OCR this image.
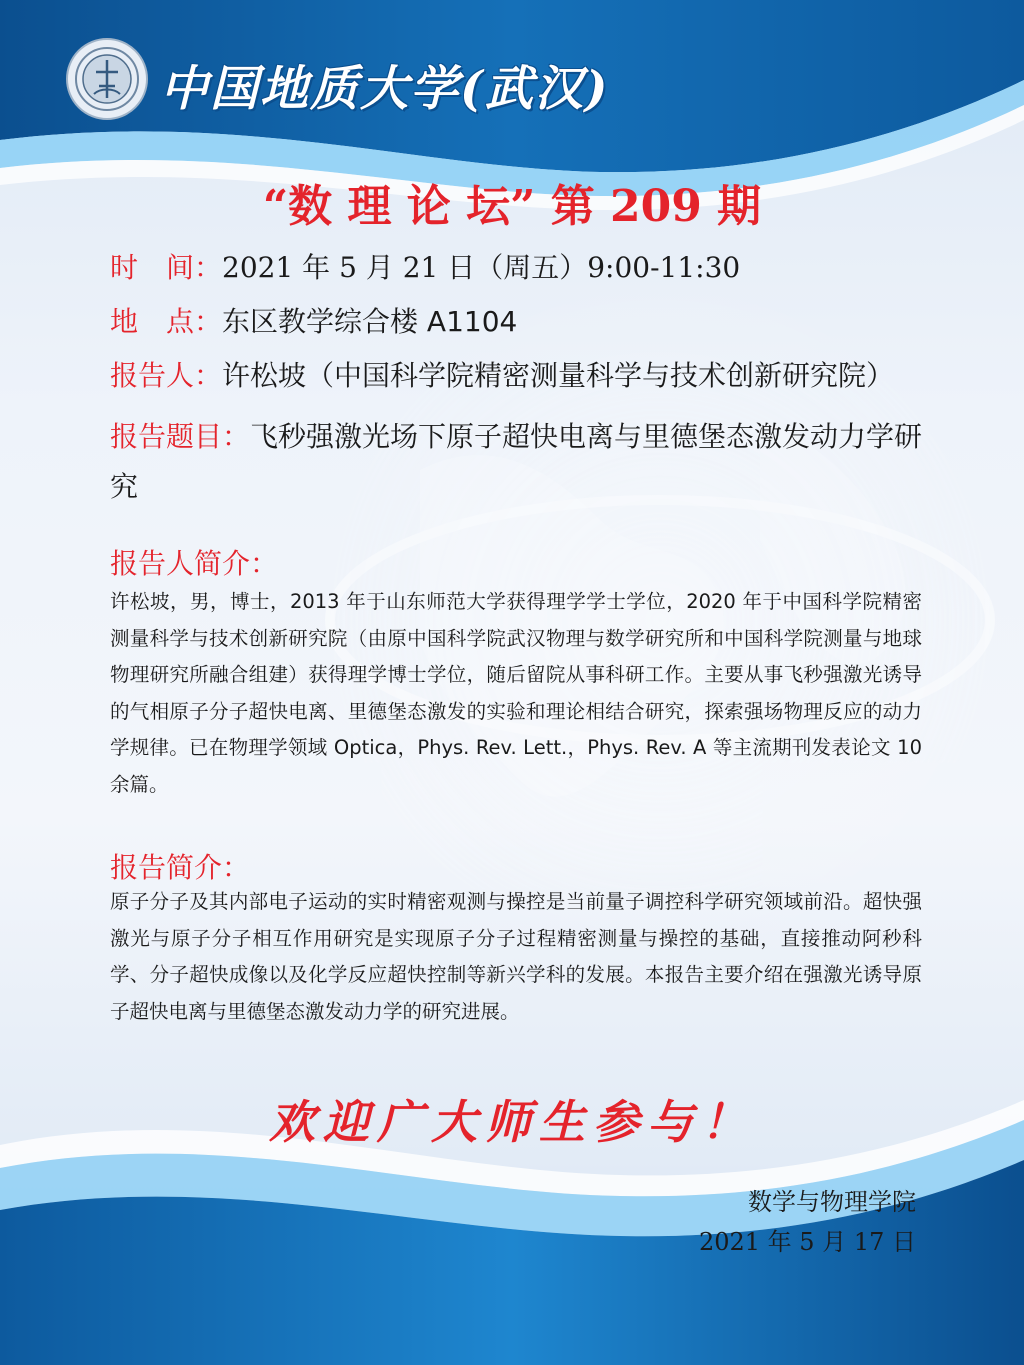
中国地质大学(武汉)
“数 理 论 坛” 第 209 期
时　间：2021 年 5 月 21 日（周五）9:00-11:30
地　点：东区教学综合楼 A1104
报告人：许松坡（中国科学院精密测量科学与技术创新研究院）
报告题目：飞秒强激光场下原子超快电离与里德堡态激发动力学研究
报告人简介：
许松坡，男，博士，2013 年于山东师范大学获得理学学士学位，2020 年于中国科学院精密测量科学与技术创新研究院（由原中国科学院武汉物理与数学研究所和中国科学院测量与地球物理研究所融合组建）获得理学博士学位，随后留院从事科研工作。主要从事飞秒强激光诱导的气相原子分子超快电离、里德堡态激发的实验和理论相结合研究，探索强场物理反应的动力学规律。已在物理学领域 Optica，Phys. Rev. Lett.，Phys. Rev. A 等主流期刊发表论文 10 余篇。
报告简介：
原子分子及其内部电子运动的实时精密观测与操控是当前量子调控科学研究领域前沿。超快强激光与原子分子相互作用研究是实现原子分子过程精密测量与操控的基础，直接推动阿秒科学、分子超快成像以及化学反应超快控制等新兴学科的发展。本报告主要介绍在强激光诱导原子超快电离与里德堡态激发动力学的研究进展。
欢迎广大师生参与！
数学与物理学院
2021 年 5 月 17 日
